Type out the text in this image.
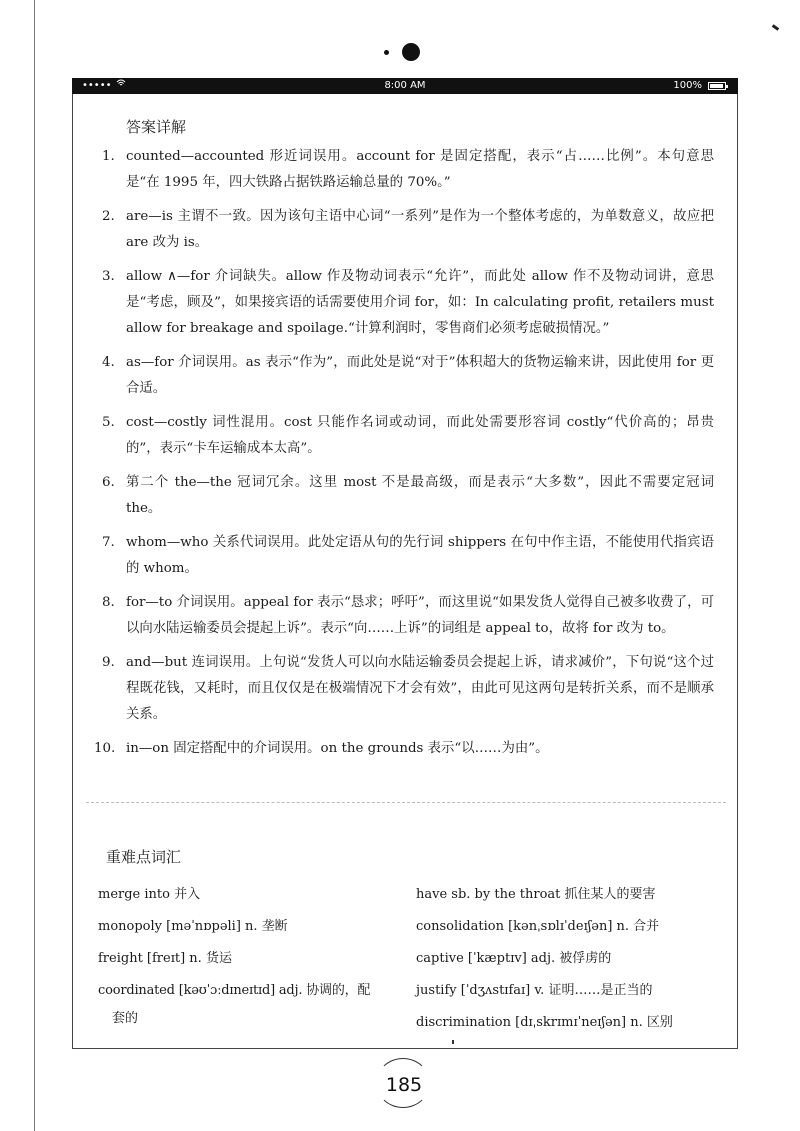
•••••	8:00 AM	100%
答案详解
1. counted—accounted 形近词误用。account for 是固定搭配，表示“占……比例”。本句意思是“在 1995 年，四大铁路占据铁路运输总量的 70%。”
2. are—is 主谓不一致。因为该句主语中心词“一系列”是作为一个整体考虑的，为单数意义，故应把 are 改为 is。
3. allow ∧—for 介词缺失。allow 作及物动词表示“允许”，而此处 allow 作不及物动词讲，意思是“考虑，顾及”，如果接宾语的话需要使用介词 for，如：In calculating profit, retailers must allow for breakage and spoilage.“计算利润时，零售商们必须考虑破损情况。”
4. as—for 介词误用。as 表示“作为”，而此处是说“对于”体积超大的货物运输来讲，因此使用 for 更合适。
5. cost—costly 词性混用。cost 只能作名词或动词，而此处需要形容词 costly“代价高的；昂贵的”，表示“卡车运输成本太高”。
6. 第二个 the—the 冠词冗余。这里 most 不是最高级，而是表示“大多数”，因此不需要定冠词 the。
7. whom—who 关系代词误用。此处定语从句的先行词 shippers 在句中作主语，不能使用代指宾语的 whom。
8. for—to 介词误用。appeal for 表示“恳求；呼吁”，而这里说“如果发货人觉得自己被多收费了，可以向水陆运输委员会提起上诉”。表示“向……上诉”的词组是 appeal to，故将 for 改为 to。
9. and—but 连词误用。上句说“发货人可以向水陆运输委员会提起上诉，请求减价”，下句说“这个过程既花钱，又耗时，而且仅仅是在极端情况下才会有效”，由此可见这两句是转折关系，而不是顺承关系。
10. in—on 固定搭配中的介词误用。on the grounds 表示“以……为由”。
重难点词汇
merge into 并入
monopoly [məˈnɒpəli] n. 垄断
freight [freɪt] n. 货运
coordinated [kəʊˈɔːdɪneɪtɪd] adj. 协调的，配
套的
have sb. by the throat 抓住某人的要害
consolidation [kənˌsɒlɪˈdeɪʃən] n. 合并
captive [ˈkæptɪv] adj. 被俘虏的
justify [ˈdʒʌstɪfaɪ] v. 证明……是正当的
discrimination [dɪˌskrɪmɪˈneɪʃən] n. 区别
185
